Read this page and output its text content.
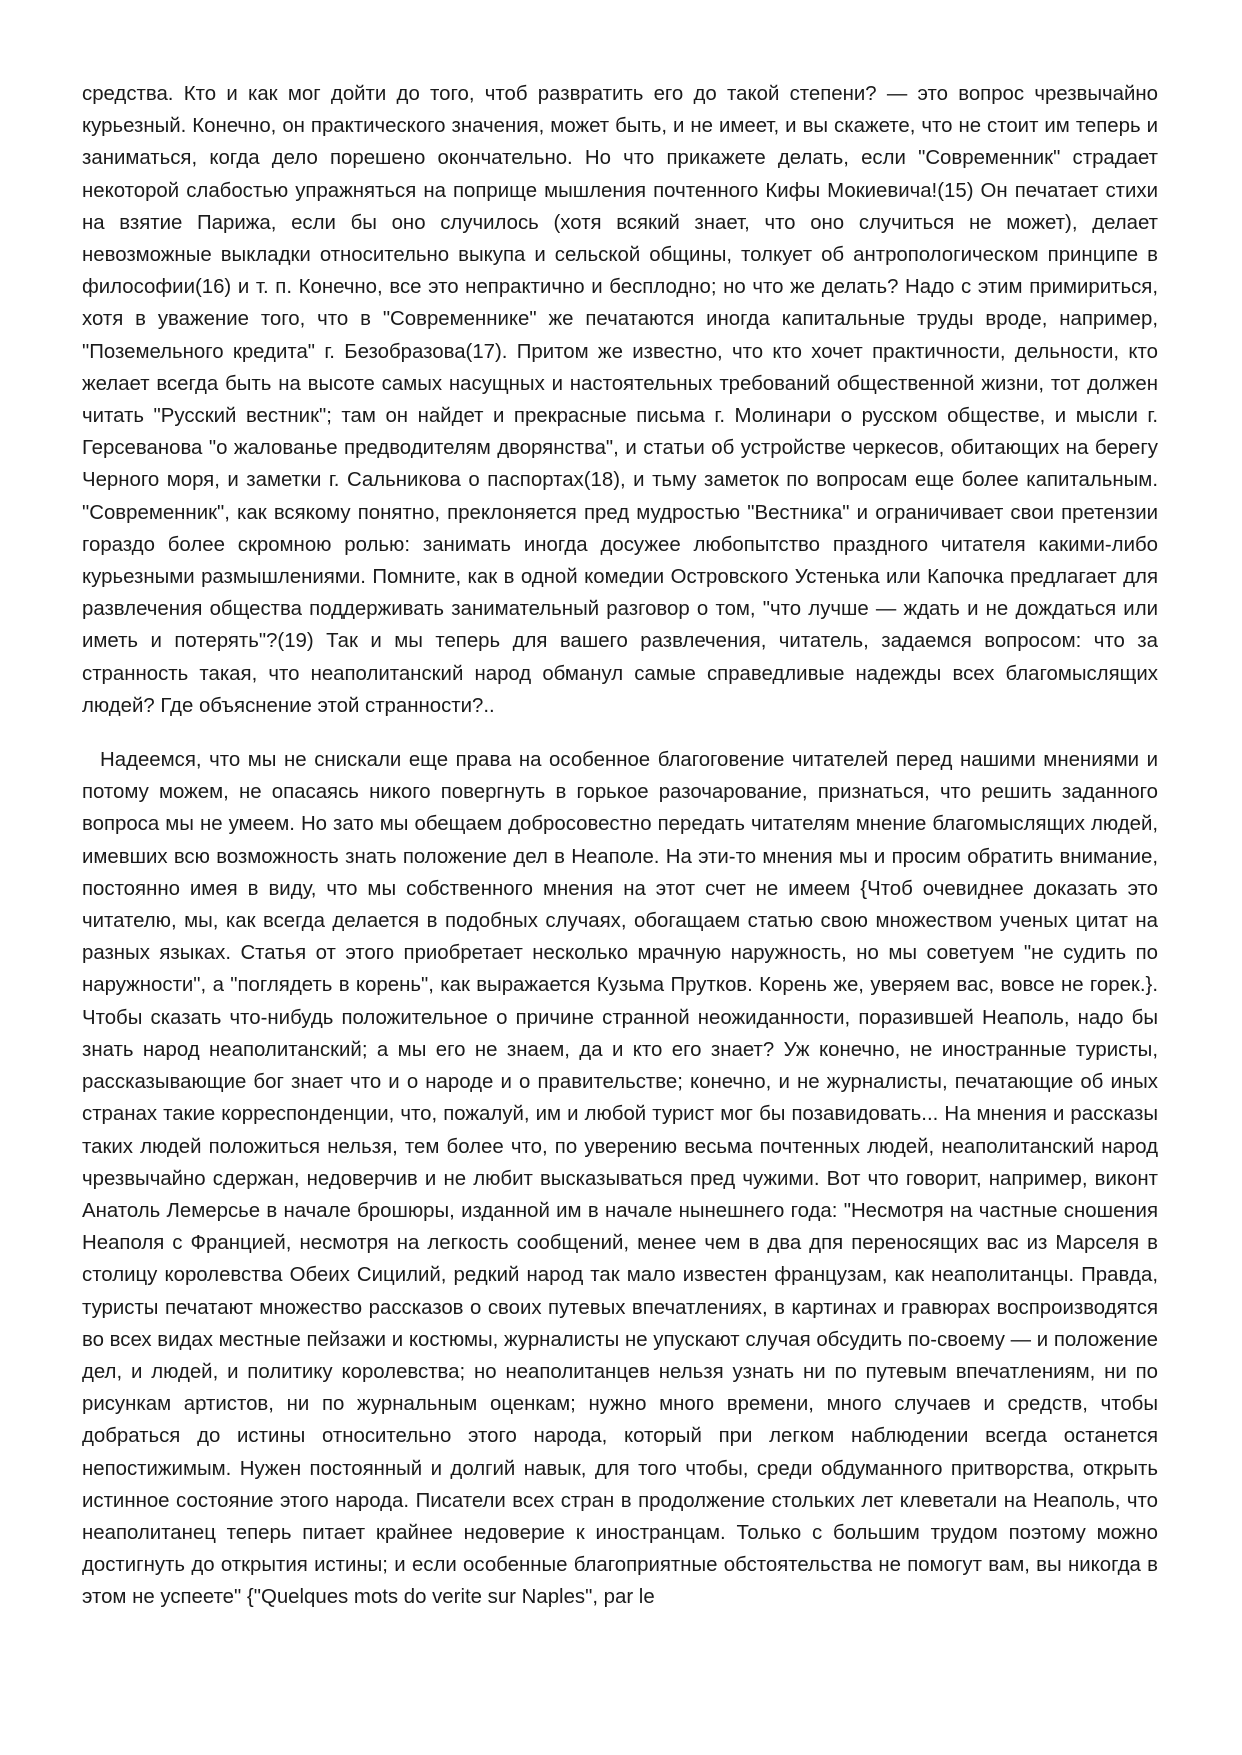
средства. Кто и как мог дойти до того, чтоб развратить его до такой степени? — это вопрос чрезвычайно курьезный. Конечно, он практического значения, может быть, и не имеет, и вы скажете, что не стоит им теперь и заниматься, когда дело порешено окончательно. Но что прикажете делать, если "Современник" страдает некоторой слабостью упражняться на поприще мышления почтенного Кифы Мокиевича!(15) Он печатает стихи на взятие Парижа, если бы оно случилось (хотя всякий знает, что оно случиться не может), делает невозможные выкладки относительно выкупа и сельской общины, толкует об антропологическом принципе в философии(16) и т. п. Конечно, все это непрактично и бесплодно; но что же делать? Надо с этим примириться, хотя в уважение того, что в "Современнике" же печатаются иногда капитальные труды вроде, например, "Поземельного кредита" г. Безобразова(17). Притом же известно, что кто хочет практичности, дельности, кто желает всегда быть на высоте самых насущных и настоятельных требований общественной жизни, тот должен читать "Русский вестник"; там он найдет и прекрасные письма г. Молинари о русском обществе, и мысли г. Герсеванова "о жалованье предводителям дворянства", и статьи об устройстве черкесов, обитающих на берегу Черного моря, и заметки г. Сальникова о паспортах(18), и тьму заметок по вопросам еще более капитальным. "Современник", как всякому понятно, преклоняется пред мудростью "Вестника" и ограничивает свои претензии гораздо более скромною ролью: занимать иногда досужее любопытство праздного читателя какими-либо курьезными размышлениями. Помните, как в одной комедии Островского Устенька или Капочка предлагает для развлечения общества поддерживать занимательный разговор о том, "что лучше — ждать и не дождаться или иметь и потерять"?(19) Так и мы теперь для вашего развлечения, читатель, задаемся вопросом: что за странность такая, что неаполитанский народ обманул самые справедливые надежды всех благомыслящих людей? Где объяснение этой странности?..

Надеемся, что мы не снискали еще права на особенное благоговение читателей перед нашими мнениями и потому можем, не опасаясь никого повергнуть в горькое разочарование, признаться, что решить заданного вопроса мы не умеем. Но зато мы обещаем добросовестно передать читателям мнение благомыслящих людей, имевших всю возможность знать положение дел в Неаполе. На эти-то мнения мы и просим обратить внимание, постоянно имея в виду, что мы собственного мнения на этот счет не имеем {Чтоб очевиднее доказать это читателю, мы, как всегда делается в подобных случаях, обогащаем статью свою множеством ученых цитат на разных языках. Статья от этого приобретает несколько мрачную наружность, но мы советуем "не судить по наружности", а "поглядеть в корень", как выражается Кузьма Прутков. Корень же, уверяем вас, вовсе не горек.}. Чтобы сказать что-нибудь положительное о причине странной неожиданности, поразившей Неаполь, надо бы знать народ неаполитанский; а мы его не знаем, да и кто его знает? Уж конечно, не иностранные туристы, рассказывающие бог знает что и о народе и о правительстве; конечно, и не журналисты, печатающие об иных странах такие корреспонденции, что, пожалуй, им и любой турист мог бы позавидовать... На мнения и рассказы таких людей положиться нельзя, тем более что, по уверению весьма почтенных людей, неаполитанский народ чрезвычайно сдержан, недоверчив и не любит высказываться пред чужими. Вот что говорит, например, виконт Анатоль Лемерсье в начале брошюры, изданной им в начале нынешнего года: "Несмотря на частные сношения Неаполя с Францией, несмотря на легкость сообщений, менее чем в два дпя переносящих вас из Марселя в столицу королевства Обеих Сицилий, редкий народ так мало известен французам, как неаполитанцы. Правда, туристы печатают множество рассказов о своих путевых впечатлениях, в картинах и гравюрах воспроизводятся во всех видах местные пейзажи и костюмы, журналисты не упускают случая обсудить по-своему — и положение дел, и людей, и политику королевства; но неаполитанцев нельзя узнать ни по путевым впечатлениям, ни по рисункам артистов, ни по журнальным оценкам; нужно много времени, много случаев и средств, чтобы добраться до истины относительно этого народа, который при легком наблюдении всегда останется непостижимым. Нужен постоянный и долгий навык, для того чтобы, среди обдуманного притворства, открыть истинное состояние этого народа. Писатели всех стран в продолжение стольких лет клеветали на Неаполь, что неаполитанец теперь питает крайнее недоверие к иностранцам. Только с большим трудом поэтому можно достигнуть до открытия истины; и если особенные благоприятные обстоятельства не помогут вам, вы никогда в этом не успеете" {"Quelques mots do verite sur Naples", par le
